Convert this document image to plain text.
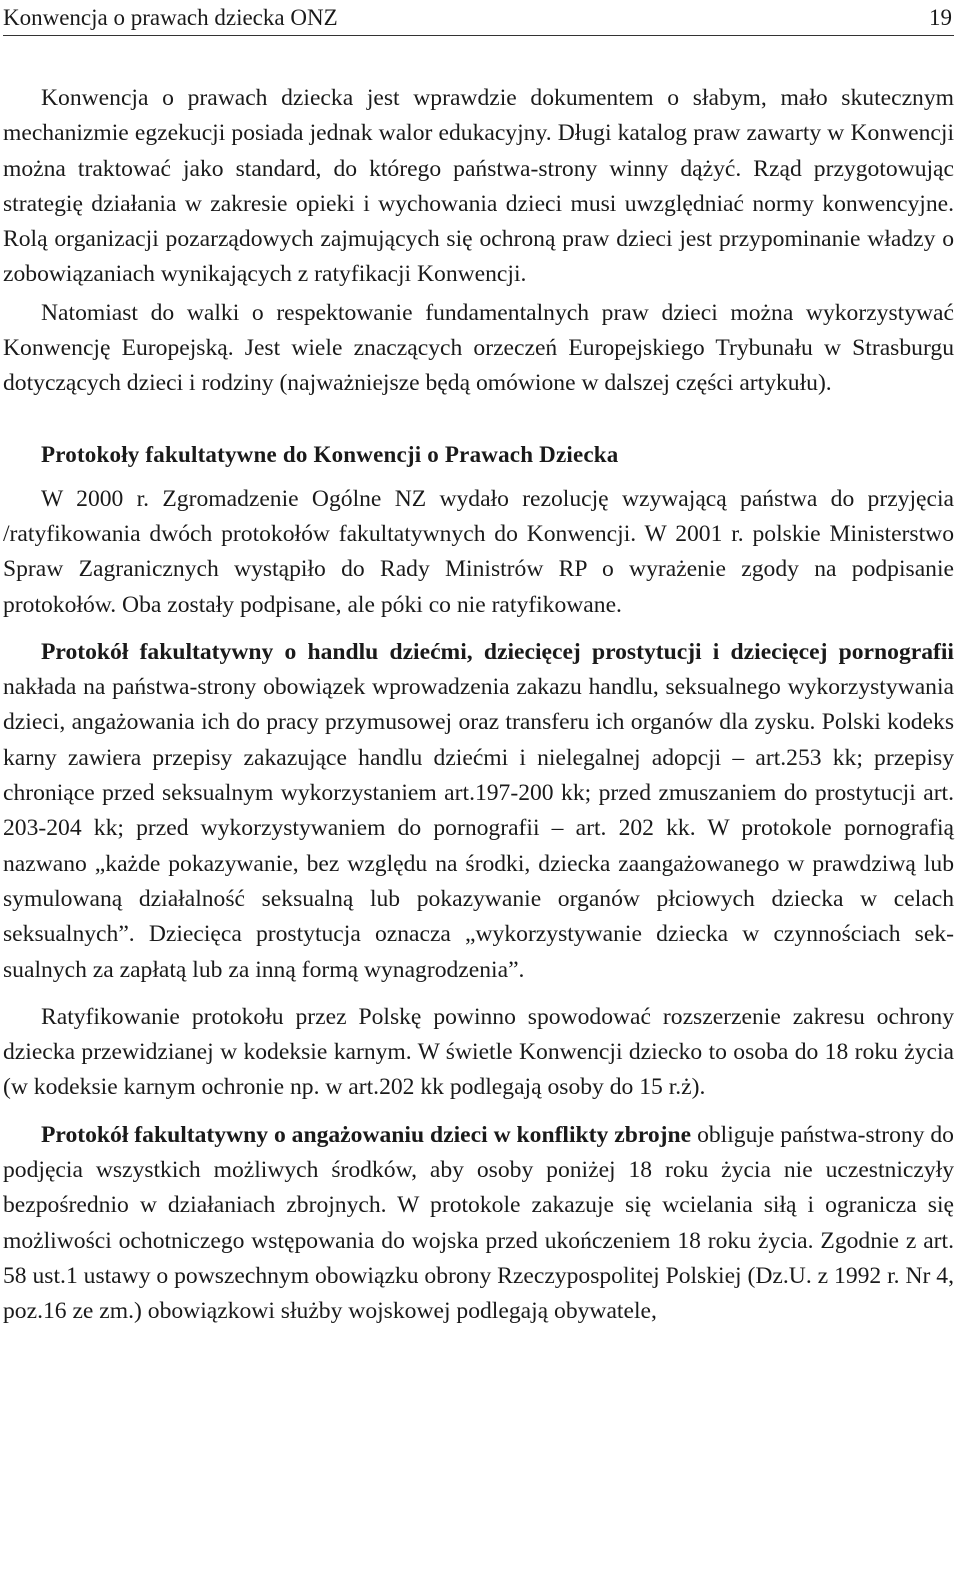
Konwencja o prawach dziecka ONZ	19

Konwencja o prawach dziecka jest wprawdzie dokumentem o słabym, mało skutecznym mechanizmie egzekucji posiada jednak walor edukacyjny. Długi katalog praw zawarty w Konwencji można traktować jako standard, do którego państwa-strony winny dążyć. Rząd przygotowując strategię działania w zakresie opieki i wychowania dzieci musi uwzględniać normy konwencyjne. Rolą organizacji pozarządowych zajmujących się ochroną praw dzieci jest przypominanie władzy o zobowiązaniach wynikających z ratyfikacji Konwencji.

Natomiast do walki o respektowanie fundamentalnych praw dzieci można wykorzystywać Konwencję Europejską. Jest wiele znaczących orzeczeń Europejskiego Trybunału w Strasburgu dotyczących dzieci i rodziny (najważniejsze będą omówione w dalszej części artykułu).

Protokoły fakultatywne do Konwencji o Prawach Dziecka

W 2000 r. Zgromadzenie Ogólne NZ wydało rezolucję wzywającą państwa do przyjęcia /ratyfikowania dwóch protokołów fakultatywnych do Konwencji. W 2001 r. polskie Ministerstwo Spraw Zagranicznych wystąpiło do Rady Ministrów RP o wyrażenie zgody na podpisanie protokołów. Oba zostały podpisane, ale póki co nie ratyfikowane.

Protokół fakultatywny o handlu dziećmi, dziecięcej prostytucji i dziecięcej pornografii nakłada na państwa-strony obowiązek wprowadzenia zakazu handlu, seksualnego wykorzystywania dzieci, angażowania ich do pracy przymusowej oraz transferu ich organów dla zysku. Polski kodeks karny zawiera przepisy zakazujące handlu dziećmi i nielegalnej adopcji – art.253 kk; przepisy chroniące przed seksualnym wykorzystaniem art.197-200 kk; przed zmuszaniem do prostytucji art. 203-204 kk; przed wykorzystywaniem do pornografii – art. 202 kk. W protokole pornografią nazwano „każde pokazywanie, bez względu na środki, dziecka zaangażowanego w prawdziwą lub symulowaną działalność seksualną lub pokazywanie organów płciowych dziecka w celach seksualnych”. Dziecięca prostytucja oznacza „wykorzystywanie dziecka w czynnościach seksualnych za zapłatą lub za inną formą wynagrodzenia”.

Ratyfikowanie protokołu przez Polskę powinno spowodować rozszerzenie zakresu ochrony dziecka przewidzianej w kodeksie karnym. W świetle Konwencji dziecko to osoba do 18 roku życia (w kodeksie karnym ochronie np. w art.202 kk podlegają osoby do 15 r.ż).

Protokół fakultatywny o angażowaniu dzieci w konflikty zbrojne obliguje państwa-strony do podjęcia wszystkich możliwych środków, aby osoby poniżej 18 roku życia nie uczestniczyły bezpośrednio w działaniach zbrojnych. W protokole zakazuje się wcielania siłą i ogranicza się możliwości ochotniczego wstępowania do wojska przed ukończeniem 18 roku życia. Zgodnie z art. 58 ust.1 ustawy o powszechnym obowiązku obrony Rzeczypospolitej Polskiej (Dz.U. z 1992 r. Nr 4, poz.16 ze zm.) obowiązkowi służby wojskowej podlegają obywatele,
